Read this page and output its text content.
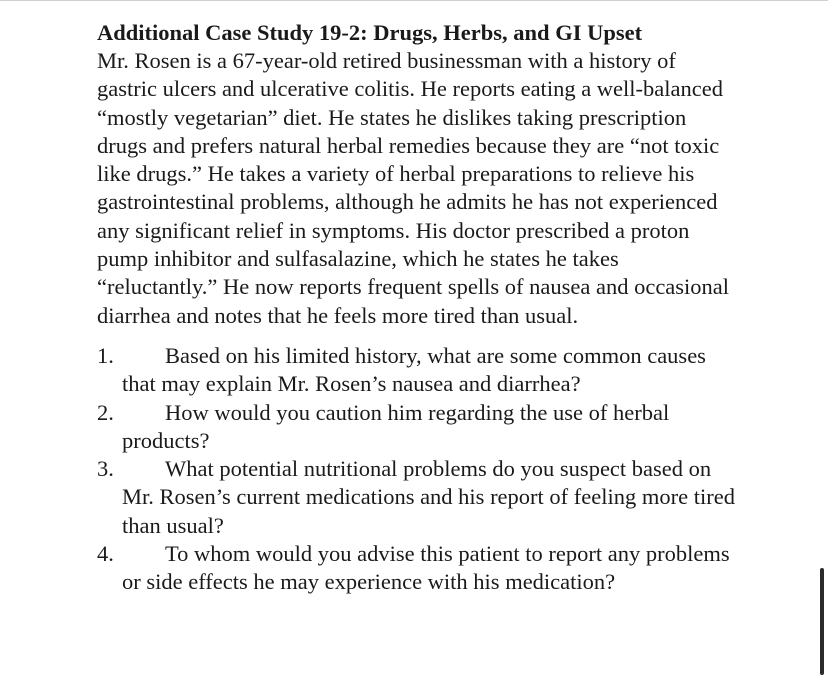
Additional Case Study 19-2: Drugs, Herbs, and GI Upset

Mr. Rosen is a 67-year-old retired businessman with a history of gastric ulcers and ulcerative colitis. He reports eating a well-balanced “mostly vegetarian” diet. He states he dislikes taking prescription drugs and prefers natural herbal remedies because they are “not toxic like drugs.” He takes a variety of herbal preparations to relieve his gastrointestinal problems, although he admits he has not experienced any significant relief in symptoms. His doctor prescribed a proton pump inhibitor and sulfasalazine, which he states he takes “reluctantly.” He now reports frequent spells of nausea and occasional diarrhea and notes that he feels more tired than usual.

1. Based on his limited history, what are some common causes that may explain Mr. Rosen’s nausea and diarrhea?
2. How would you caution him regarding the use of herbal products?
3. What potential nutritional problems do you suspect based on Mr. Rosen’s current medications and his report of feeling more tired than usual?
4. To whom would you advise this patient to report any problems or side effects he may experience with his medication?
